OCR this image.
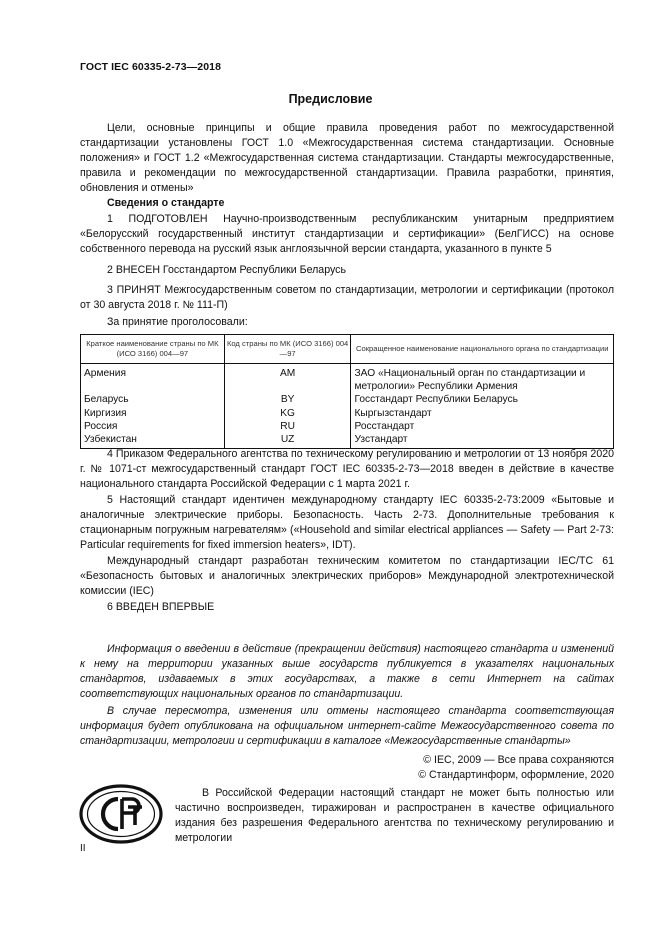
ГОСТ IEC 60335-2-73—2018
Предисловие

Цели, основные принципы и общие правила проведения работ по межгосударственной стандартизации установлены ГОСТ 1.0 «Межгосударственная система стандартизации. Основные положения» и ГОСТ 1.2 «Межгосударственная система стандартизации. Стандарты межгосударственные, правила и рекомендации по межгосударственной стандартизации. Правила разработки, принятия, обновления и отмены»

Сведения о стандарте

1 ПОДГОТОВЛЕН Научно-производственным республиканским унитарным предприятием «Белорусский государственный институт стандартизации и сертификации» (БелГИСС) на основе собственного перевода на русский язык англоязычной версии стандарта, указанного в пункте 5

2 ВНЕСЕН Госстандартом Республики Беларусь

3 ПРИНЯТ Межгосударственным советом по стандартизации, метрологии и сертификации (протокол от 30 августа 2018 г. № 111-П)

За принятие проголосовали:

Краткое наименование страны по МК (ИСО 3166) 004—97	Код страны по МК (ИСО 3166) 004—97	Сокращенное наименование национального органа по стандартизации
Армения	AM	ЗАО «Национальный орган по стандартизации и метрологии» Республики Армения
Беларусь	BY	Госстандарт Республики Беларусь
Киргизия	KG	Кыргызстандарт
Россия	RU	Росстандарт
Узбекистан	UZ	Узстандарт

4 Приказом Федерального агентства по техническому регулированию и метрологии от 13 ноября 2020 г. № 1071-ст межгосударственный стандарт ГОСТ IEC 60335-2-73—2018 введен в действие в качестве национального стандарта Российской Федерации с 1 марта 2021 г.

5 Настоящий стандарт идентичен международному стандарту IEC 60335-2-73:2009 «Бытовые и аналогичные электрические приборы. Безопасность. Часть 2-73. Дополнительные требования к стационарным погружным нагревателям» («Household and similar electrical appliances — Safety — Part 2-73: Particular requirements for fixed immersion heaters», IDT).

Международный стандарт разработан техническим комитетом по стандартизации IEC/TC 61 «Безопасность бытовых и аналогичных электрических приборов» Международной электротехнической комиссии (IEC)

6 ВВЕДЕН ВПЕРВЫЕ

Информация о введении в действие (прекращении действия) настоящего стандарта и изменений к нему на территории указанных выше государств публикуется в указателях национальных стандартов, издаваемых в этих государствах, а также в сети Интернет на сайтах соответствующих национальных органов по стандартизации.

В случае пересмотра, изменения или отмены настоящего стандарта соответствующая информация будет опубликована на официальном интернет-сайте Межгосударственного совета по стандартизации, метрологии и сертификации в каталоге «Межгосударственные стандарты»

© IEC, 2009 — Все права сохраняются
© Стандартинформ, оформление, 2020

В Российской Федерации настоящий стандарт не может быть полностью или частично воспроизведен, тиражирован и распространен в качестве официального издания без разрешения Федерального агентства по техническому регулированию и метрологии

II
